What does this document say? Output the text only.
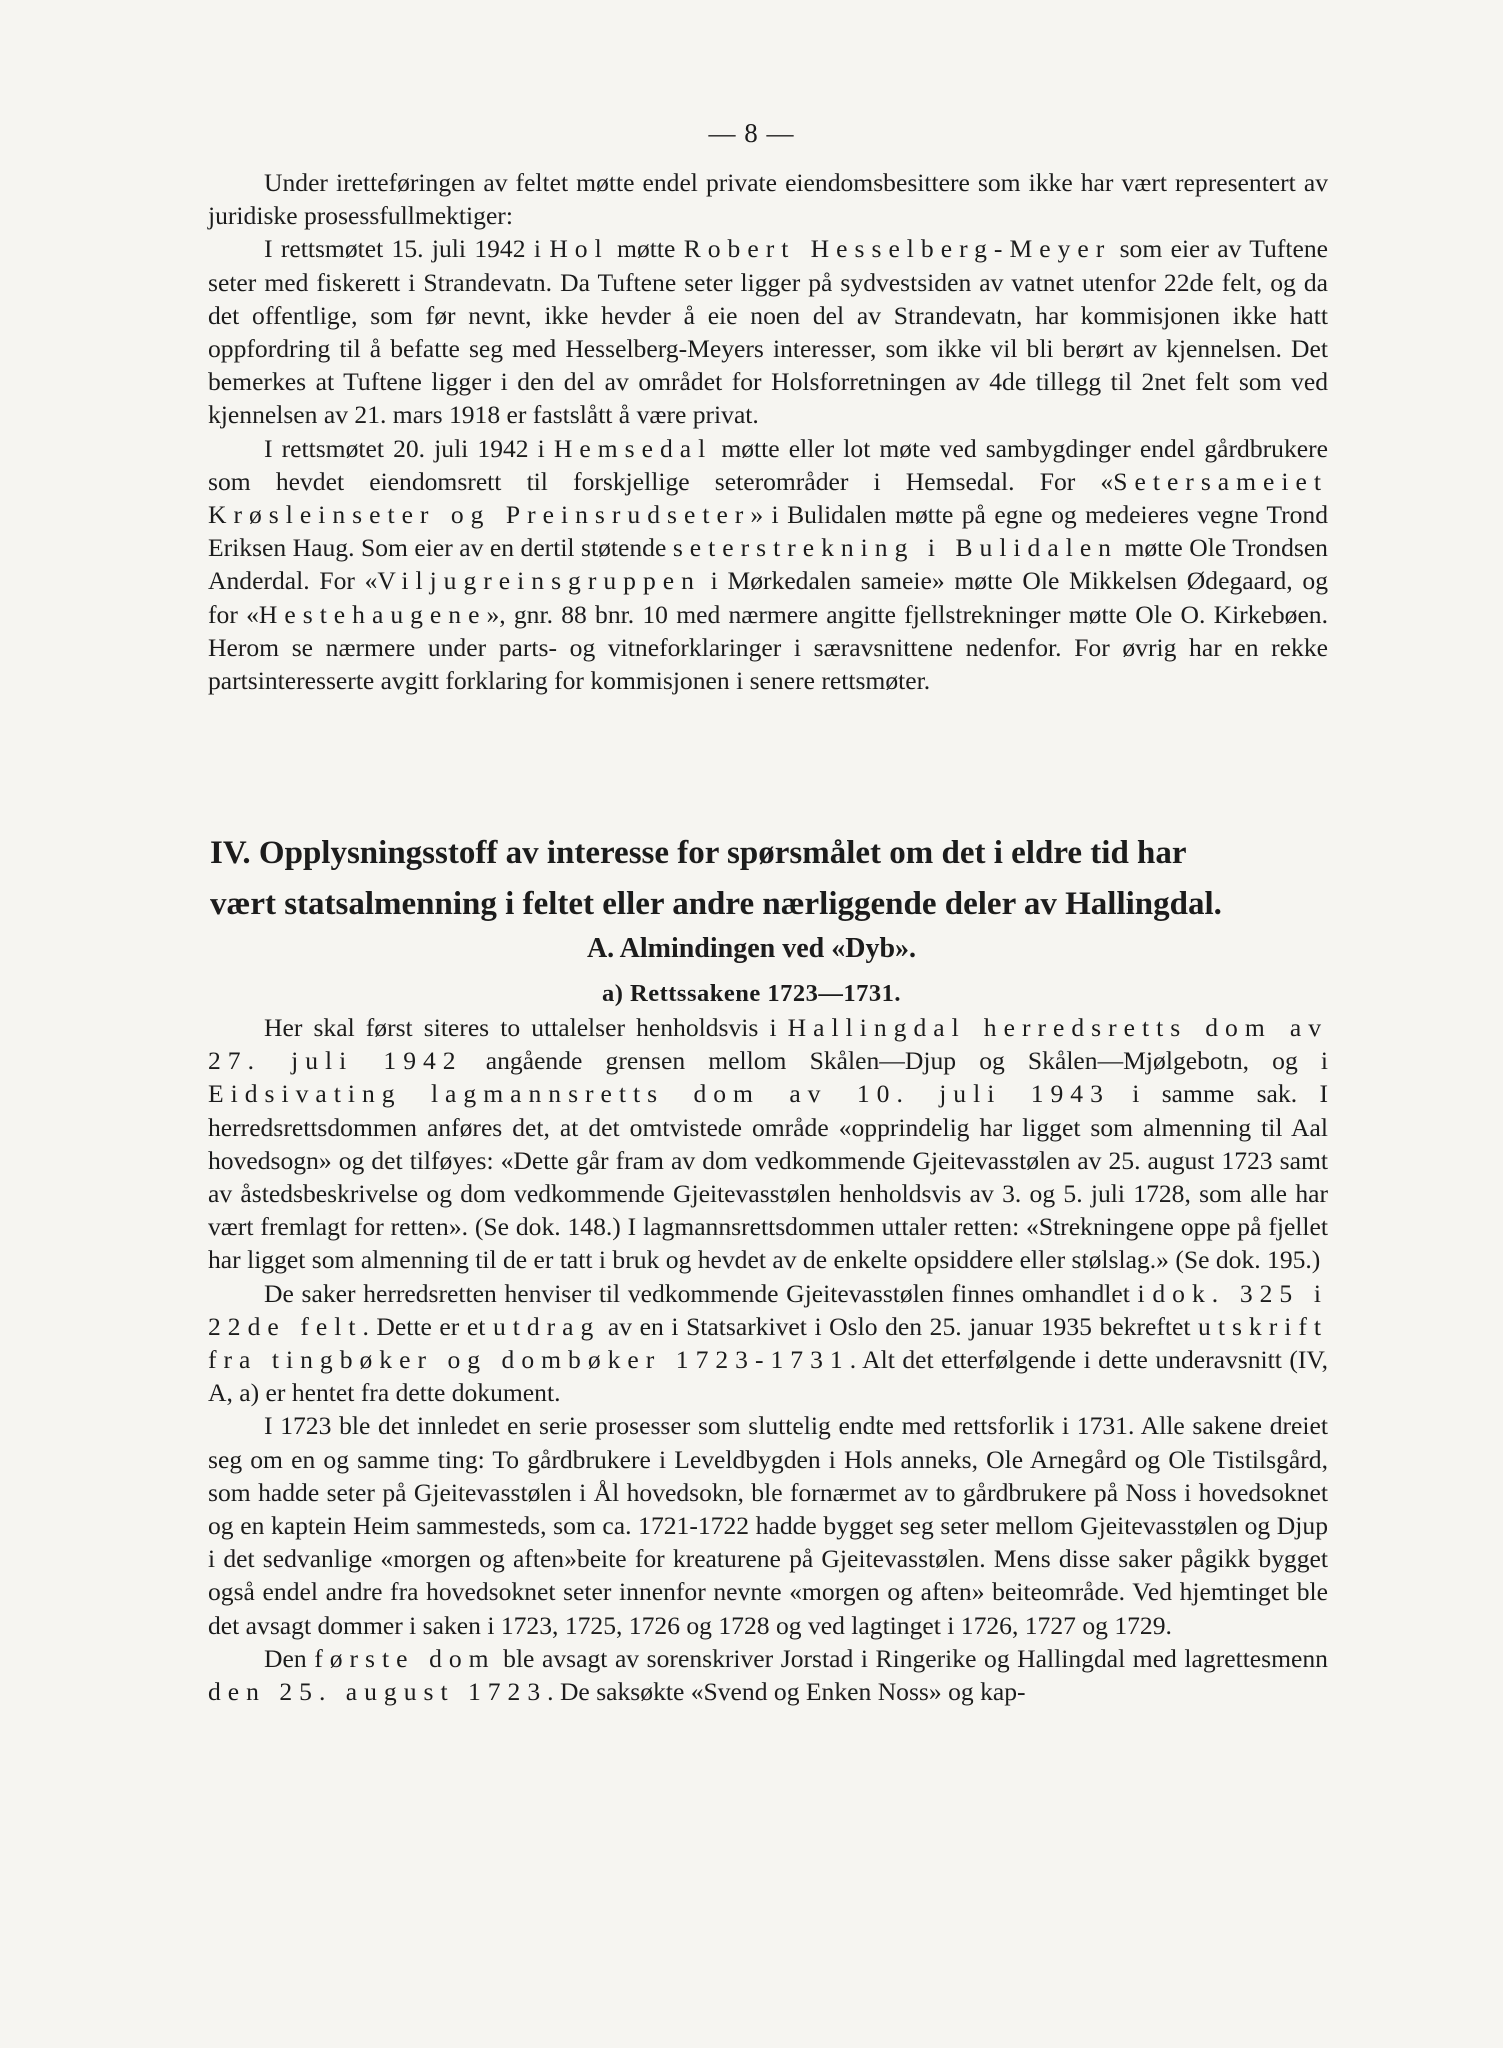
— 8 —

Under iretteføringen av feltet møtte endel private eiendomsbesittere som ikke har vært representert av juridiske prosessfullmektiger:

I rettsmøtet 15. juli 1942 i Hol møtte Robert Hesselberg-Meyer som eier av Tuftene seter med fiskerett i Strandevatn. Da Tuftene seter ligger på sydvestsiden av vatnet utenfor 22de felt, og da det offentlige, som før nevnt, ikke hevder å eie noen del av Strandevatn, har kommisjonen ikke hatt oppfordring til å befatte seg med Hesselberg-Meyers interesser, som ikke vil bli berørt av kjennelsen. Det bemerkes at Tuftene ligger i den del av området for Holsforretningen av 4de tillegg til 2net felt som ved kjennelsen av 21. mars 1918 er fastslått å være privat.

I rettsmøtet 20. juli 1942 i Hemsedal møtte eller lot møte ved sambygdinger endel gårdbrukere som hevdet eiendomsrett til forskjellige seterområder i Hemsedal. For «Setersameiet Krøsleinseter og Preinsrudseter» i Bulidalen møtte på egne og medeieres vegne Trond Eriksen Haug. Som eier av en dertil støtende seterstrekning i Bulidalen møtte Ole Trondsen Anderdal. For «Viljugreinsgruppen i Mørkedalen sameie» møtte Ole Mikkelsen Ødegaard, og for «Hestehaugene», gnr. 88 bnr. 10 med nærmere angitte fjellstrekninger møtte Ole O. Kirkebøen. Herom se nærmere under parts- og vitneforklaringer i særavsnittene nedenfor. For øvrig har en rekke partsinteresserte avgitt forklaring for kommisjonen i senere rettsmøter.

IV. Opplysningsstoff av interesse for spørsmålet om det i eldre tid har
vært statsalmenning i feltet eller andre nærliggende deler av Hallingdal.
A. Almindingen ved «Dyb».
a) Rettssakene 1723—1731.

Her skal først siteres to uttalelser henholdsvis i Hallingdal herredsretts dom av 27. juli 1942 angående grensen mellom Skålen—Djup og Skålen—Mjølgebotn, og i Eidsivating lagmannsretts dom av 10. juli 1943 i samme sak. I herredsrettsdommen anføres det, at det omtvistede område «opprindelig har ligget som almenning til Aal hovedsogn» og det tilføyes: «Dette går fram av dom vedkommende Gjeitevasstølen av 25. august 1723 samt av åstedsbeskrivelse og dom vedkommende Gjeitevasstølen henholdsvis av 3. og 5. juli 1728, som alle har vært fremlagt for retten». (Se dok. 148.) I lagmannsrettsdommen uttaler retten: «Strekningene oppe på fjellet har ligget som almenning til de er tatt i bruk og hevdet av de enkelte opsiddere eller stølslag.» (Se dok. 195.)

De saker herredsretten henviser til vedkommende Gjeitevasstølen finnes omhandlet i dok. 325 i 22de felt. Dette er et utdrag av en i Statsarkivet i Oslo den 25. januar 1935 bekreftet utskrift fra tingbøker og dombøker 1723-1731. Alt det etterfølgende i dette underavsnitt (IV, A, a) er hentet fra dette dokument.

I 1723 ble det innledet en serie prosesser som sluttelig endte med rettsforlik i 1731. Alle sakene dreiet seg om en og samme ting: To gårdbrukere i Leveldbygden i Hols anneks, Ole Arnegård og Ole Tistilsgård, som hadde seter på Gjeitevasstølen i Ål hovedsokn, ble fornærmet av to gårdbrukere på Noss i hovedsoknet og en kaptein Heim sammesteds, som ca. 1721-1722 hadde bygget seg seter mellom Gjeitevasstølen og Djup i det sedvanlige «morgen og aften»beite for kreaturene på Gjeitevasstølen. Mens disse saker pågikk bygget også endel andre fra hovedsoknet seter innenfor nevnte «morgen og aften» beiteområde. Ved hjemtinget ble det avsagt dommer i saken i 1723, 1725, 1726 og 1728 og ved lagtinget i 1726, 1727 og 1729.

Den første dom ble avsagt av sorenskriver Jorstad i Ringerike og Hallingdal med lagrettesmenn den 25. august 1723. De saksøkte «Svend og Enken Noss» og kap-
